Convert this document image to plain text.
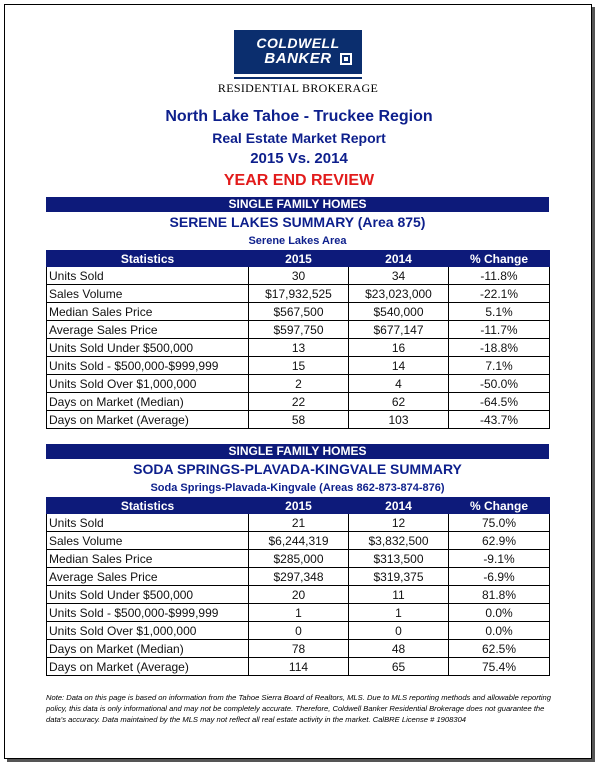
COLDWELL
BANKER
RESIDENTIAL BROKERAGE
North Lake Tahoe - Truckee Region
Real Estate Market Report
2015 Vs. 2014
YEAR END REVIEW
SINGLE FAMILY HOMES
SERENE LAKES SUMMARY (Area 875)
Serene Lakes Area
Statistics	2015	2014	% Change
Units Sold	30	34	-11.8%
Sales Volume	$17,932,525	$23,023,000	-22.1%
Median Sales Price	$567,500	$540,000	5.1%
Average Sales Price	$597,750	$677,147	-11.7%
Units Sold Under $500,000	13	16	-18.8%
Units Sold - $500,000-$999,999	15	14	7.1%
Units Sold Over $1,000,000	2	4	-50.0%
Days on Market (Median)	22	62	-64.5%
Days on Market (Average)	58	103	-43.7%
SINGLE FAMILY HOMES
SODA SPRINGS-PLAVADA-KINGVALE SUMMARY
Soda Springs-Plavada-Kingvale (Areas 862-873-874-876)
Statistics	2015	2014	% Change
Units Sold	21	12	75.0%
Sales Volume	$6,244,319	$3,832,500	62.9%
Median Sales Price	$285,000	$313,500	-9.1%
Average Sales Price	$297,348	$319,375	-6.9%
Units Sold Under $500,000	20	11	81.8%
Units Sold - $500,000-$999,999	1	1	0.0%
Units Sold Over $1,000,000	0	0	0.0%
Days on Market (Median)	78	48	62.5%
Days on Market (Average)	114	65	75.4%
Note: Data on this page is based on information from the Tahoe Sierra Board of Realtors, MLS. Due to MLS reporting methods and allowable reporting policy, this data is only informational and may not be completely accurate. Therefore, Coldwell Banker Residential Brokerage does not guarantee the data's accuracy. Data maintained by the MLS may not reflect all real estate activity in the market. CalBRE License # 1908304
